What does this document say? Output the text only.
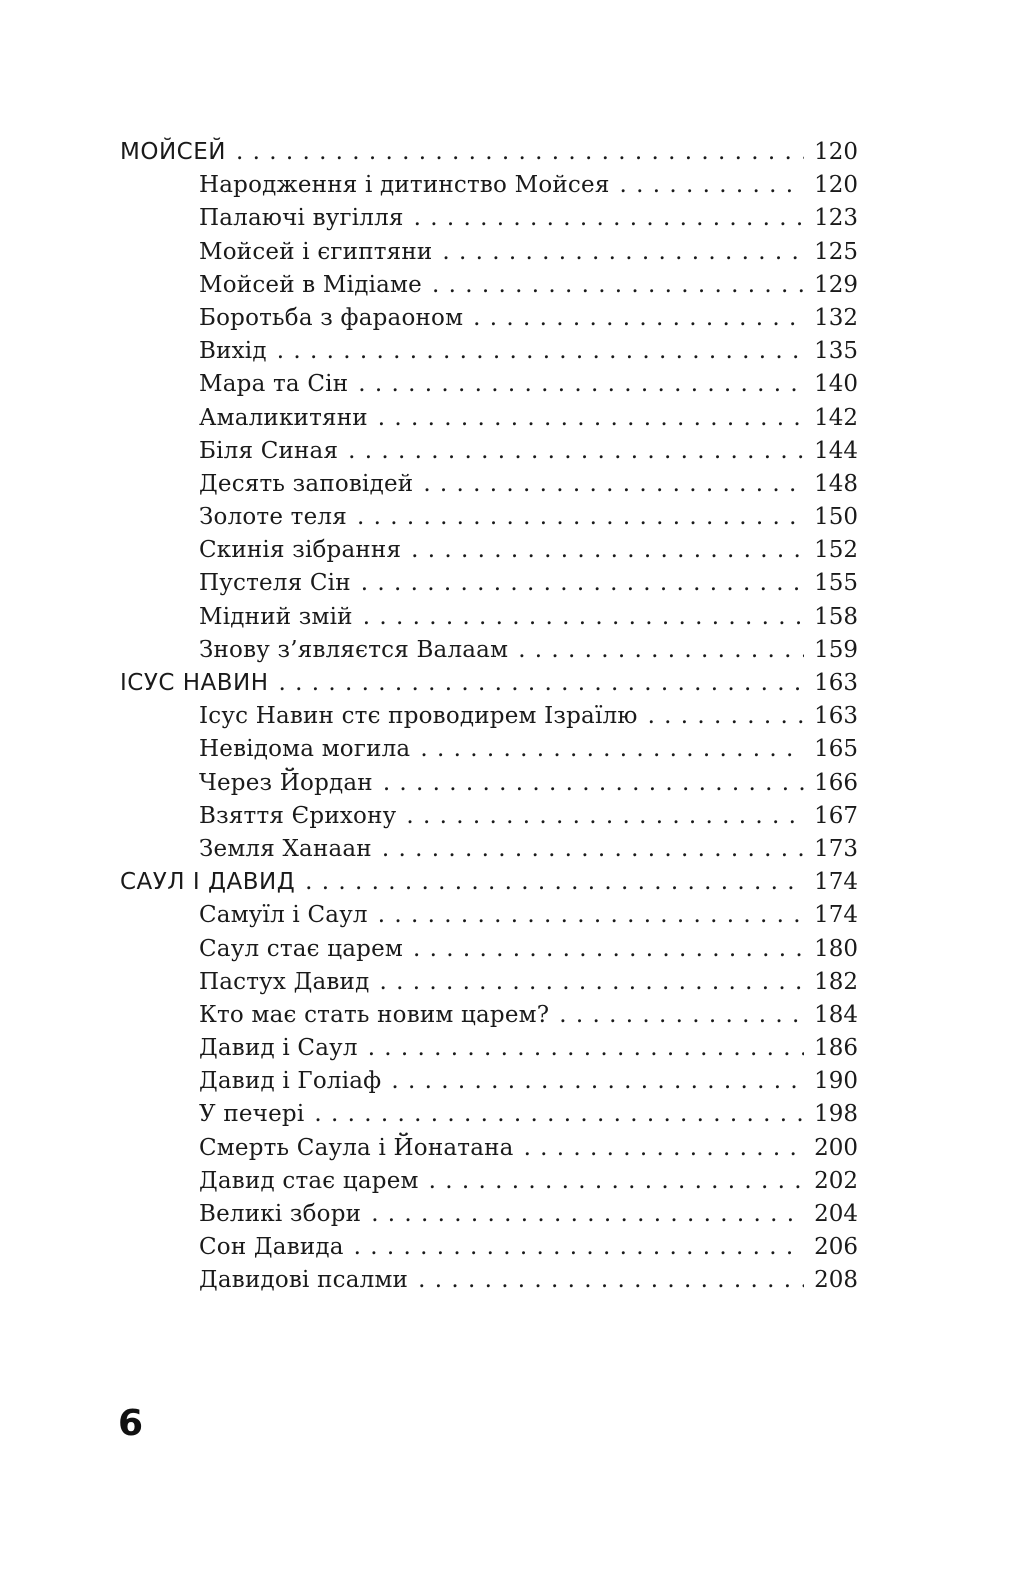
МОЙСЕЙ . . .	120
Народження і дитинство Мойсея . . .	120
Палаючі вугілля . . .	123
Мойсей і єгиптяни . . .	125
Мойсей в Мідіаме . . .	129
Боротьба з фараоном . . .	132
Вихід . . .	135
Мара та Сін . . .	140
Амаликитяни . . .	142
Біля Синая . . .	144
Десять заповідей . . .	148
Золоте теля . . .	150
Скинія зібрання . . .	152
Пустеля Сін . . .	155
Мідний змій . . .	158
Знову з’являєтся Валаам . . .	159
ІСУС НАВИН . . .	163
Ісус Навин стє проводирем Ізраїлю . . .	163
Невідома могила . . .	165
Через Йордан . . .	166
Взяття Єрихону . . .	167
Земля Ханаан . . .	173
САУЛ І ДАВИД . . .	174
Самуїл і Саул . . .	174
Саул стає царем . . .	180
Пастух Давид . . .	182
Кто має стать новим царем? . . .	184
Давид і Саул . . .	186
Давид і Голіаф . . .	190
У печері . . .	198
Смерть Саула і Йонатана . . .	200
Давид стає царем . . .	202
Великі збори . . .	204
Сон Давида . . .	206
Давидові псалми . . .	208
6
